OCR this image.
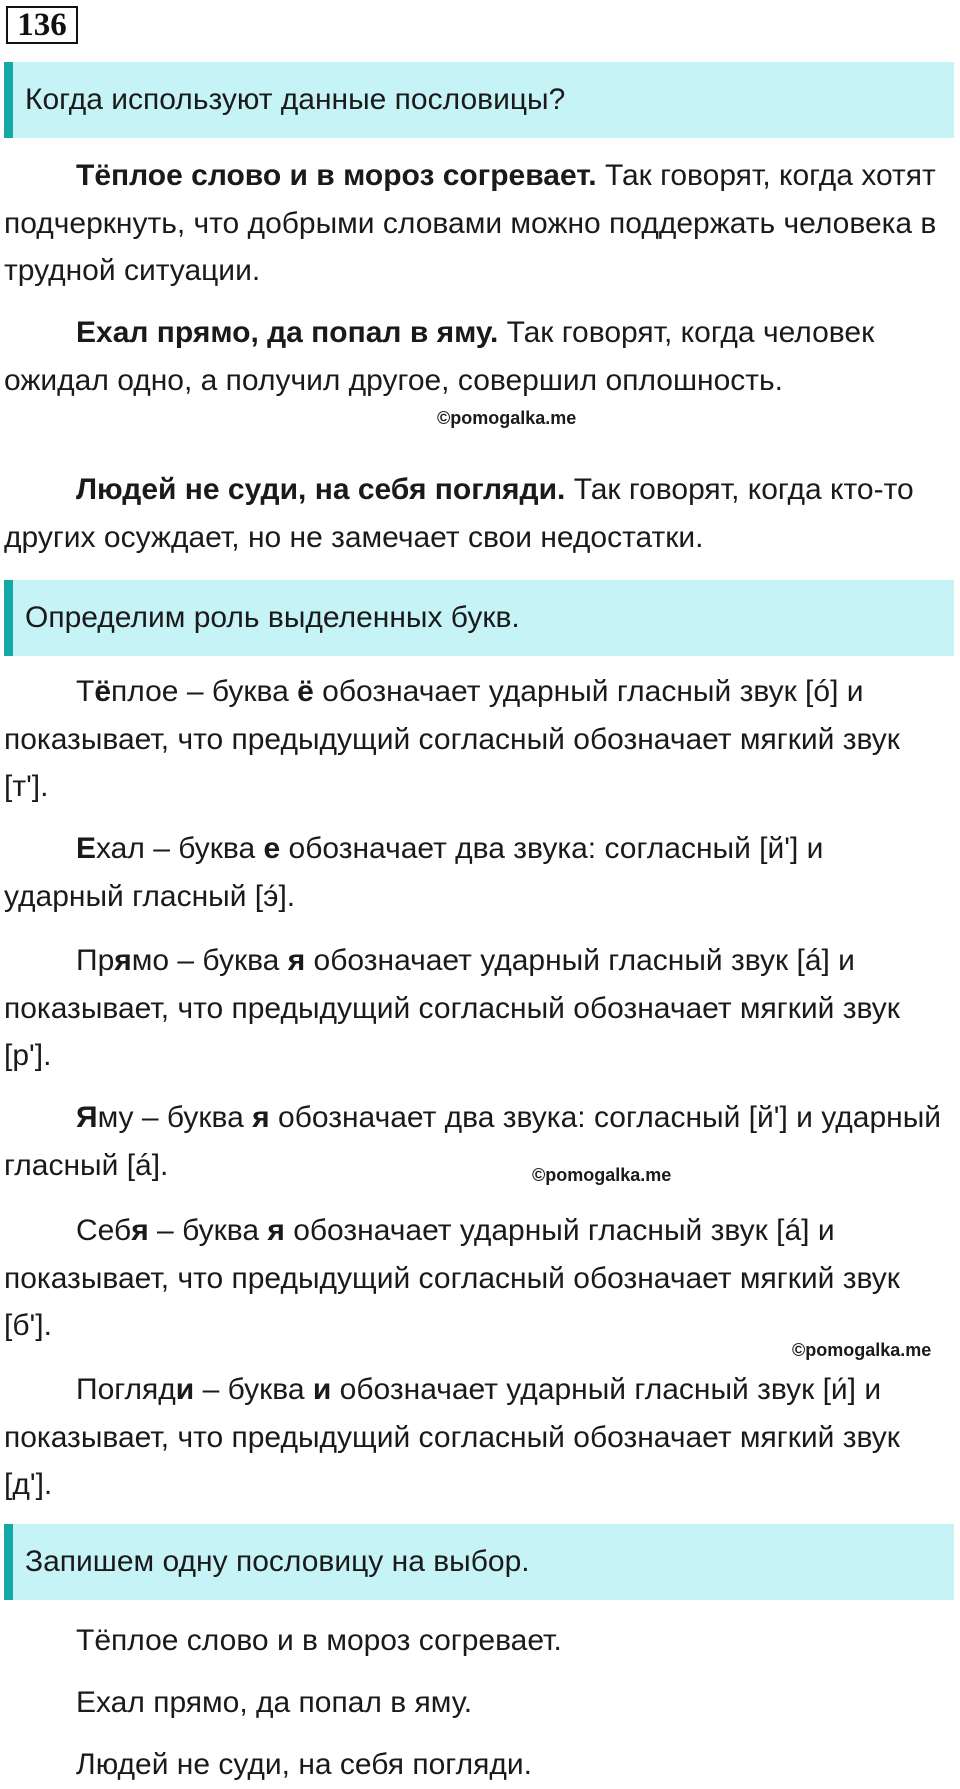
136
Когда используют данные пословицы?

Тёплое слово и в мороз согревает. Так говорят, когда хотят подчеркнуть, что добрыми словами можно поддержать человека в трудной ситуации.

Ехал прямо, да попал в яму. Так говорят, когда человек ожидал одно, а получил другое, совершил оплошность.

©pomogalka.me

Людей не суди, на себя погляди. Так говорят, когда кто-то других осуждает, но не замечает свои недостатки.

Определим роль выделенных букв.

Тёплое – буква ё обозначает ударный гласный звук [ó] и показывает, что предыдущий согласный обозначает мягкий звук [т'].

Ехал – буква е обозначает два звука: согласный [й'] и ударный гласный [э́].

Прямо – буква я обозначает ударный гласный звук [á] и показывает, что предыдущий согласный обозначает мягкий звук [р'].

Яму – буква я обозначает два звука: согласный [й'] и ударный гласный [á].	©pomogalka.me

Себя – буква я обозначает ударный гласный звук [á] и показывает, что предыдущий согласный обозначает мягкий звук [б'].

©pomogalka.me

Погляди – буква и обозначает ударный гласный звук [и́] и показывает, что предыдущий согласный обозначает мягкий звук [д'].

Запишем одну пословицу на выбор.

Тёплое слово и в мороз согревает.

Ехал прямо, да попал в яму.

Людей не суди, на себя погляди.
